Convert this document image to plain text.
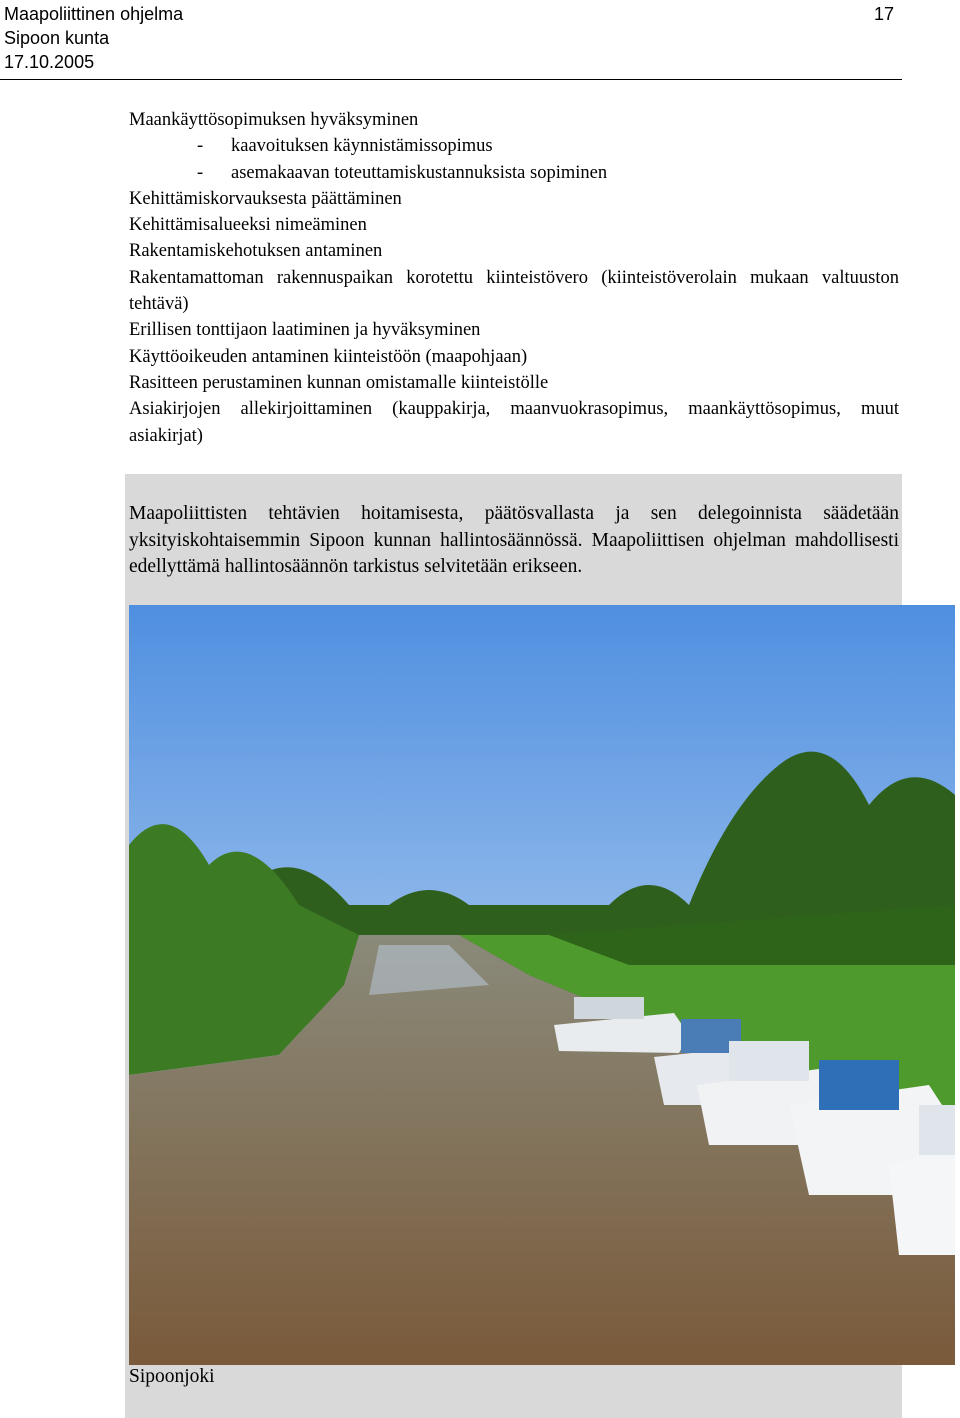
Maapoliittinen ohjelma
Sipoon kunta
17.10.2005
17
Maankäyttösopimuksen hyväksyminen
- kaavoituksen käynnistämissopimus
- asemakaavan toteuttamiskustannuksista sopiminen
Kehittämiskorvauksesta päättäminen
Kehittämisalueeksi nimeäminen
Rakentamiskehotuksen antaminen
Rakentamattoman rakennuspaikan korotettu kiinteistövero (kiinteistöverolain mukaan valtuuston tehtävä)
Erillisen tonttijaon laatiminen ja hyväksyminen
Käyttöoikeuden antaminen kiinteistöön (maapohjaan)
Rasitteen perustaminen kunnan omistamalle kiinteistölle
Asiakirjojen allekirjoittaminen (kauppakirja, maanvuokrasopimus, maankäyttösopimus, muut asiakirjat)

Maapoliittisten tehtävien hoitamisesta, päätösvallasta ja sen delegoinnista säädetään yksityiskohtaisemmin Sipoon kunnan hallintosäännössä. Maapoliittisen ohjelman mahdollisesti edellyttämä hallintosäännön tarkistus selvitetään erikseen.

Sipoonjoki
